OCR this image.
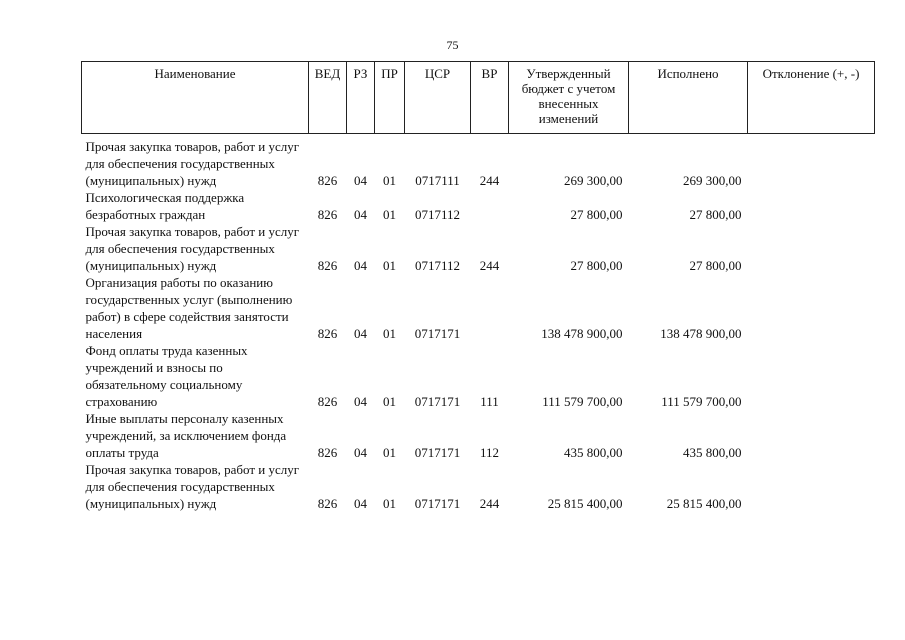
75
Наименование	ВЕД	РЗ	ПР	ЦСР	ВР	Утвержденный бюджет с учетом внесенных изменений	Исполнено	Отклонение (+, -)
Прочая закупка товаров, работ и услуг для обеспечения государственных (муниципальных) нужд	826	04	01	0717111	244	269 300,00	269 300,00	
Психологическая поддержка безработных граждан	826	04	01	0717112		27 800,00	27 800,00	
Прочая закупка товаров, работ и услуг для обеспечения государственных (муниципальных) нужд	826	04	01	0717112	244	27 800,00	27 800,00	
Организация работы по оказанию государственных услуг (выполнению работ) в сфере содействия занятости населения	826	04	01	0717171		138 478 900,00	138 478 900,00	
Фонд оплаты труда казенных учреждений и взносы по обязательному социальному страхованию	826	04	01	0717171	111	111 579 700,00	111 579 700,00	
Иные выплаты персоналу казенных учреждений, за исключением фонда оплаты труда	826	04	01	0717171	112	435 800,00	435 800,00	
Прочая закупка товаров, работ и услуг для обеспечения государственных (муниципальных) нужд	826	04	01	0717171	244	25 815 400,00	25 815 400,00	
